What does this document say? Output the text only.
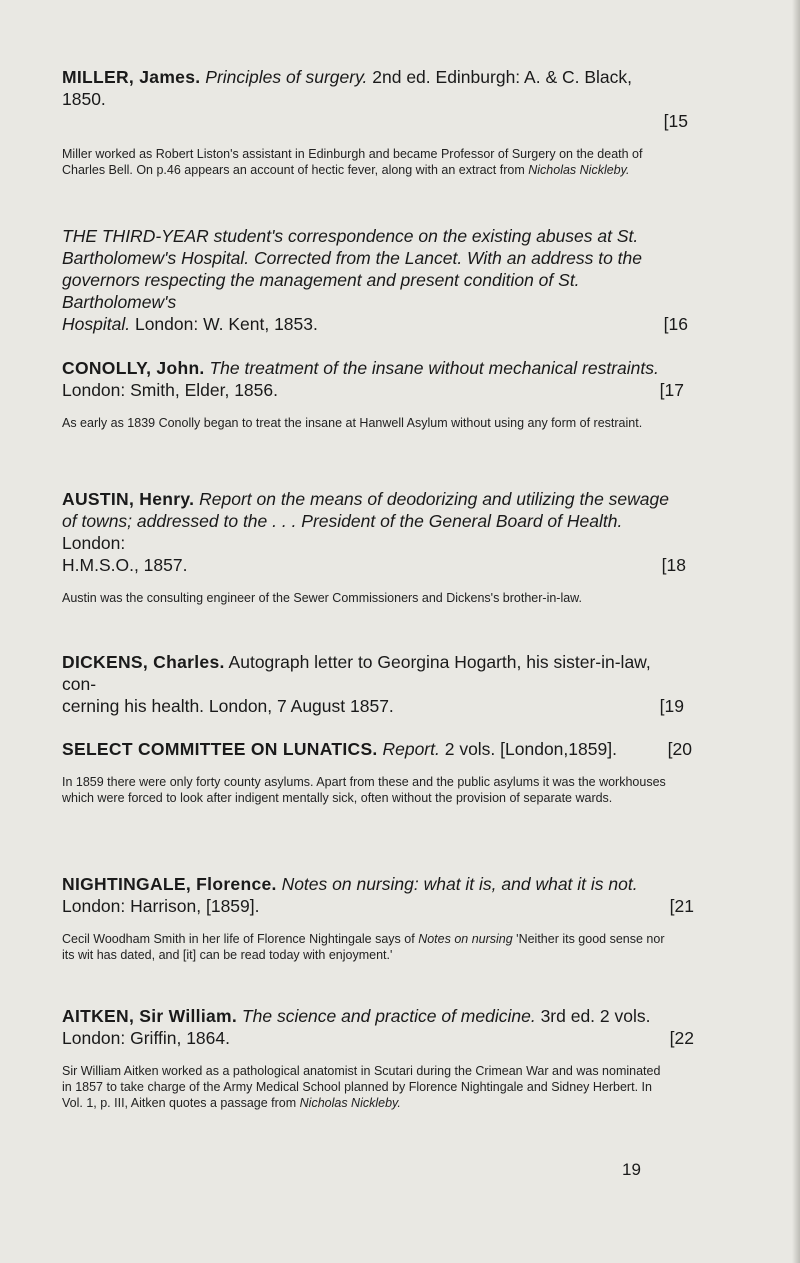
MILLER, James. Principles of surgery. 2nd ed. Edinburgh: A. & C. Black, 1850.

[15

Miller worked as Robert Liston's assistant in Edinburgh and became Professor of Surgery on the death of Charles Bell. On p.46 appears an account of hectic fever, along with an extract from Nicholas Nickleby.

THE THIRD-YEAR student's correspondence on the existing abuses at St.
Bartholomew's Hospital. Corrected from the Lancet. With an address to the
governors respecting the management and present condition of St. Bartholomew's
Hospital. London: W. Kent, 1853.	[16

CONOLLY, John. The treatment of the insane without mechanical restraints.
London: Smith, Elder, 1856.	[17

As early as 1839 Conolly began to treat the insane at Hanwell Asylum without using any form of restraint.

AUSTIN, Henry. Report on the means of deodorizing and utilizing the sewage
of towns; addressed to the . . . President of the General Board of Health. London:
H.M.S.O., 1857.	[18

Austin was the consulting engineer of the Sewer Commissioners and Dickens's brother-in-law.

DICKENS, Charles. Autograph letter to Georgina Hogarth, his sister-in-law, con-
cerning his health. London, 7 August 1857.	[19

SELECT COMMITTEE ON LUNATICS. Report. 2 vols. [London,1859].	[20

In 1859 there were only forty county asylums. Apart from these and the public asylums it was the workhouses which were forced to look after indigent mentally sick, often without the provision of separate wards.

NIGHTINGALE, Florence. Notes on nursing: what it is, and what it is not.
London: Harrison, [1859].	[21

Cecil Woodham Smith in her life of Florence Nightingale says of Notes on nursing 'Neither its good sense nor its wit has dated, and [it] can be read today with enjoyment.'

AITKEN, Sir William. The science and practice of medicine. 3rd ed. 2 vols.
London: Griffin, 1864.	[22

Sir William Aitken worked as a pathological anatomist in Scutari during the Crimean War and was nominated in 1857 to take charge of the Army Medical School planned by Florence Nightingale and Sidney Herbert. In Vol. 1, p. III, Aitken quotes a passage from Nicholas Nickleby.

19
